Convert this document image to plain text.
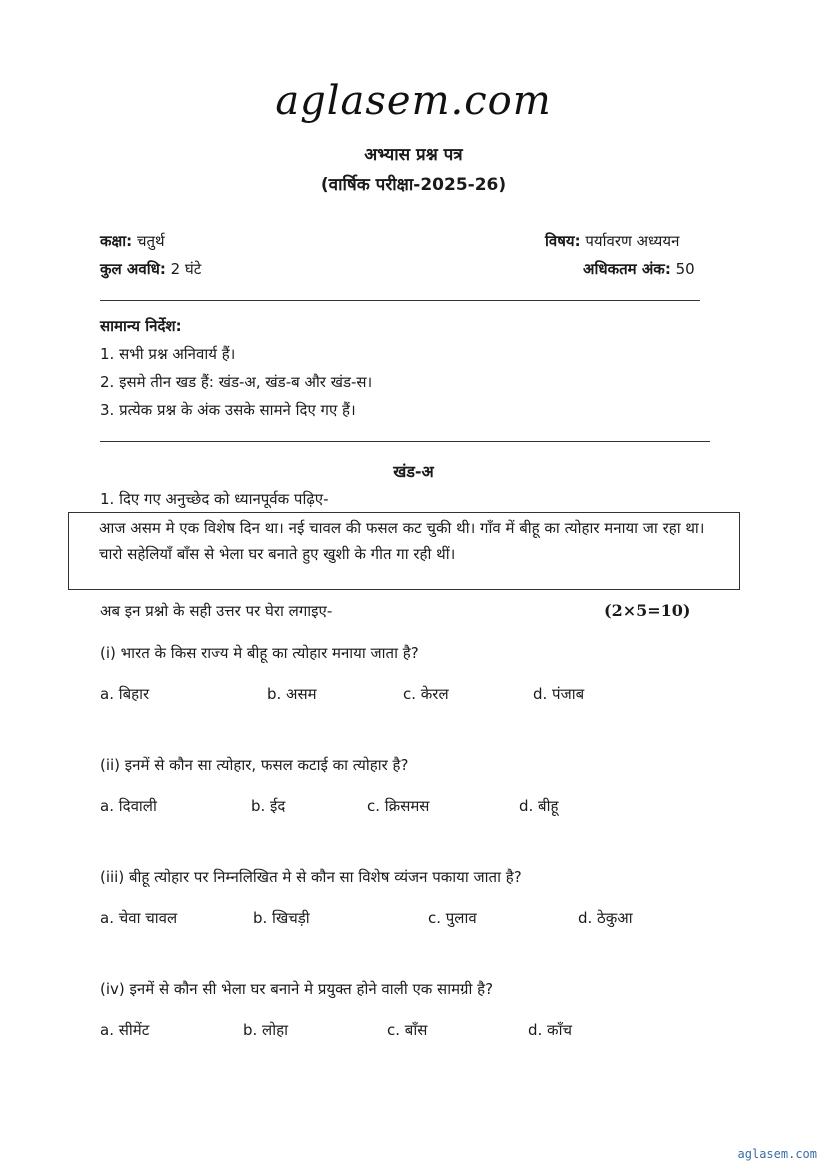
aglasem.com
अभ्यास प्रश्न पत्र
(वार्षिक परीक्षा-2025-26)
कक्षा: चतुर्थ	विषय: पर्यावरण अध्ययन
कुल अवधि: 2 घंटे	अधिकतम अंक: 50
सामान्य निर्देश:
1. सभी प्रश्न अनिवार्य हैं।
2. इसमे तीन खड हैं: खंड-अ, खंड-ब और खंड-स।
3. प्रत्येक प्रश्न के अंक उसके सामने दिए गए हैं।
खंड-अ
1. दिए गए अनुच्छेद को ध्यानपूर्वक पढ़िए-
आज असम मे एक विशेष दिन था। नई चावल की फसल कट चुकी थी। गाँव में बीहू का त्योहार मनाया जा रहा था। चारो सहेलियाँ बाँस से भेला घर बनाते हुए खुशी के गीत गा रही थीं।
अब इन प्रश्नो के सही उत्तर पर घेरा लगाइए-	(2×5=10)
(i) भारत के किस राज्य मे बीहू का त्योहार मनाया जाता है?
a. बिहार	b. असम	c. केरल	d. पंजाब
(ii) इनमें से कौन सा त्योहार, फसल कटाई का त्योहार है?
a. दिवाली	b. ईद	c. क्रिसमस	d. बीहू
(iii) बीहू त्योहार पर निम्नलिखित मे से कौन सा विशेष व्यंजन पकाया जाता है?
a. चेवा चावल	b. खिचड़ी	c. पुलाव	d. ठेकुआ
(iv) इनमें से कौन सी भेला घर बनाने मे प्रयुक्त होने वाली एक सामग्री है?
a. सीमेंट	b. लोहा	c. बाँस	d. काँच
aglasem.com
